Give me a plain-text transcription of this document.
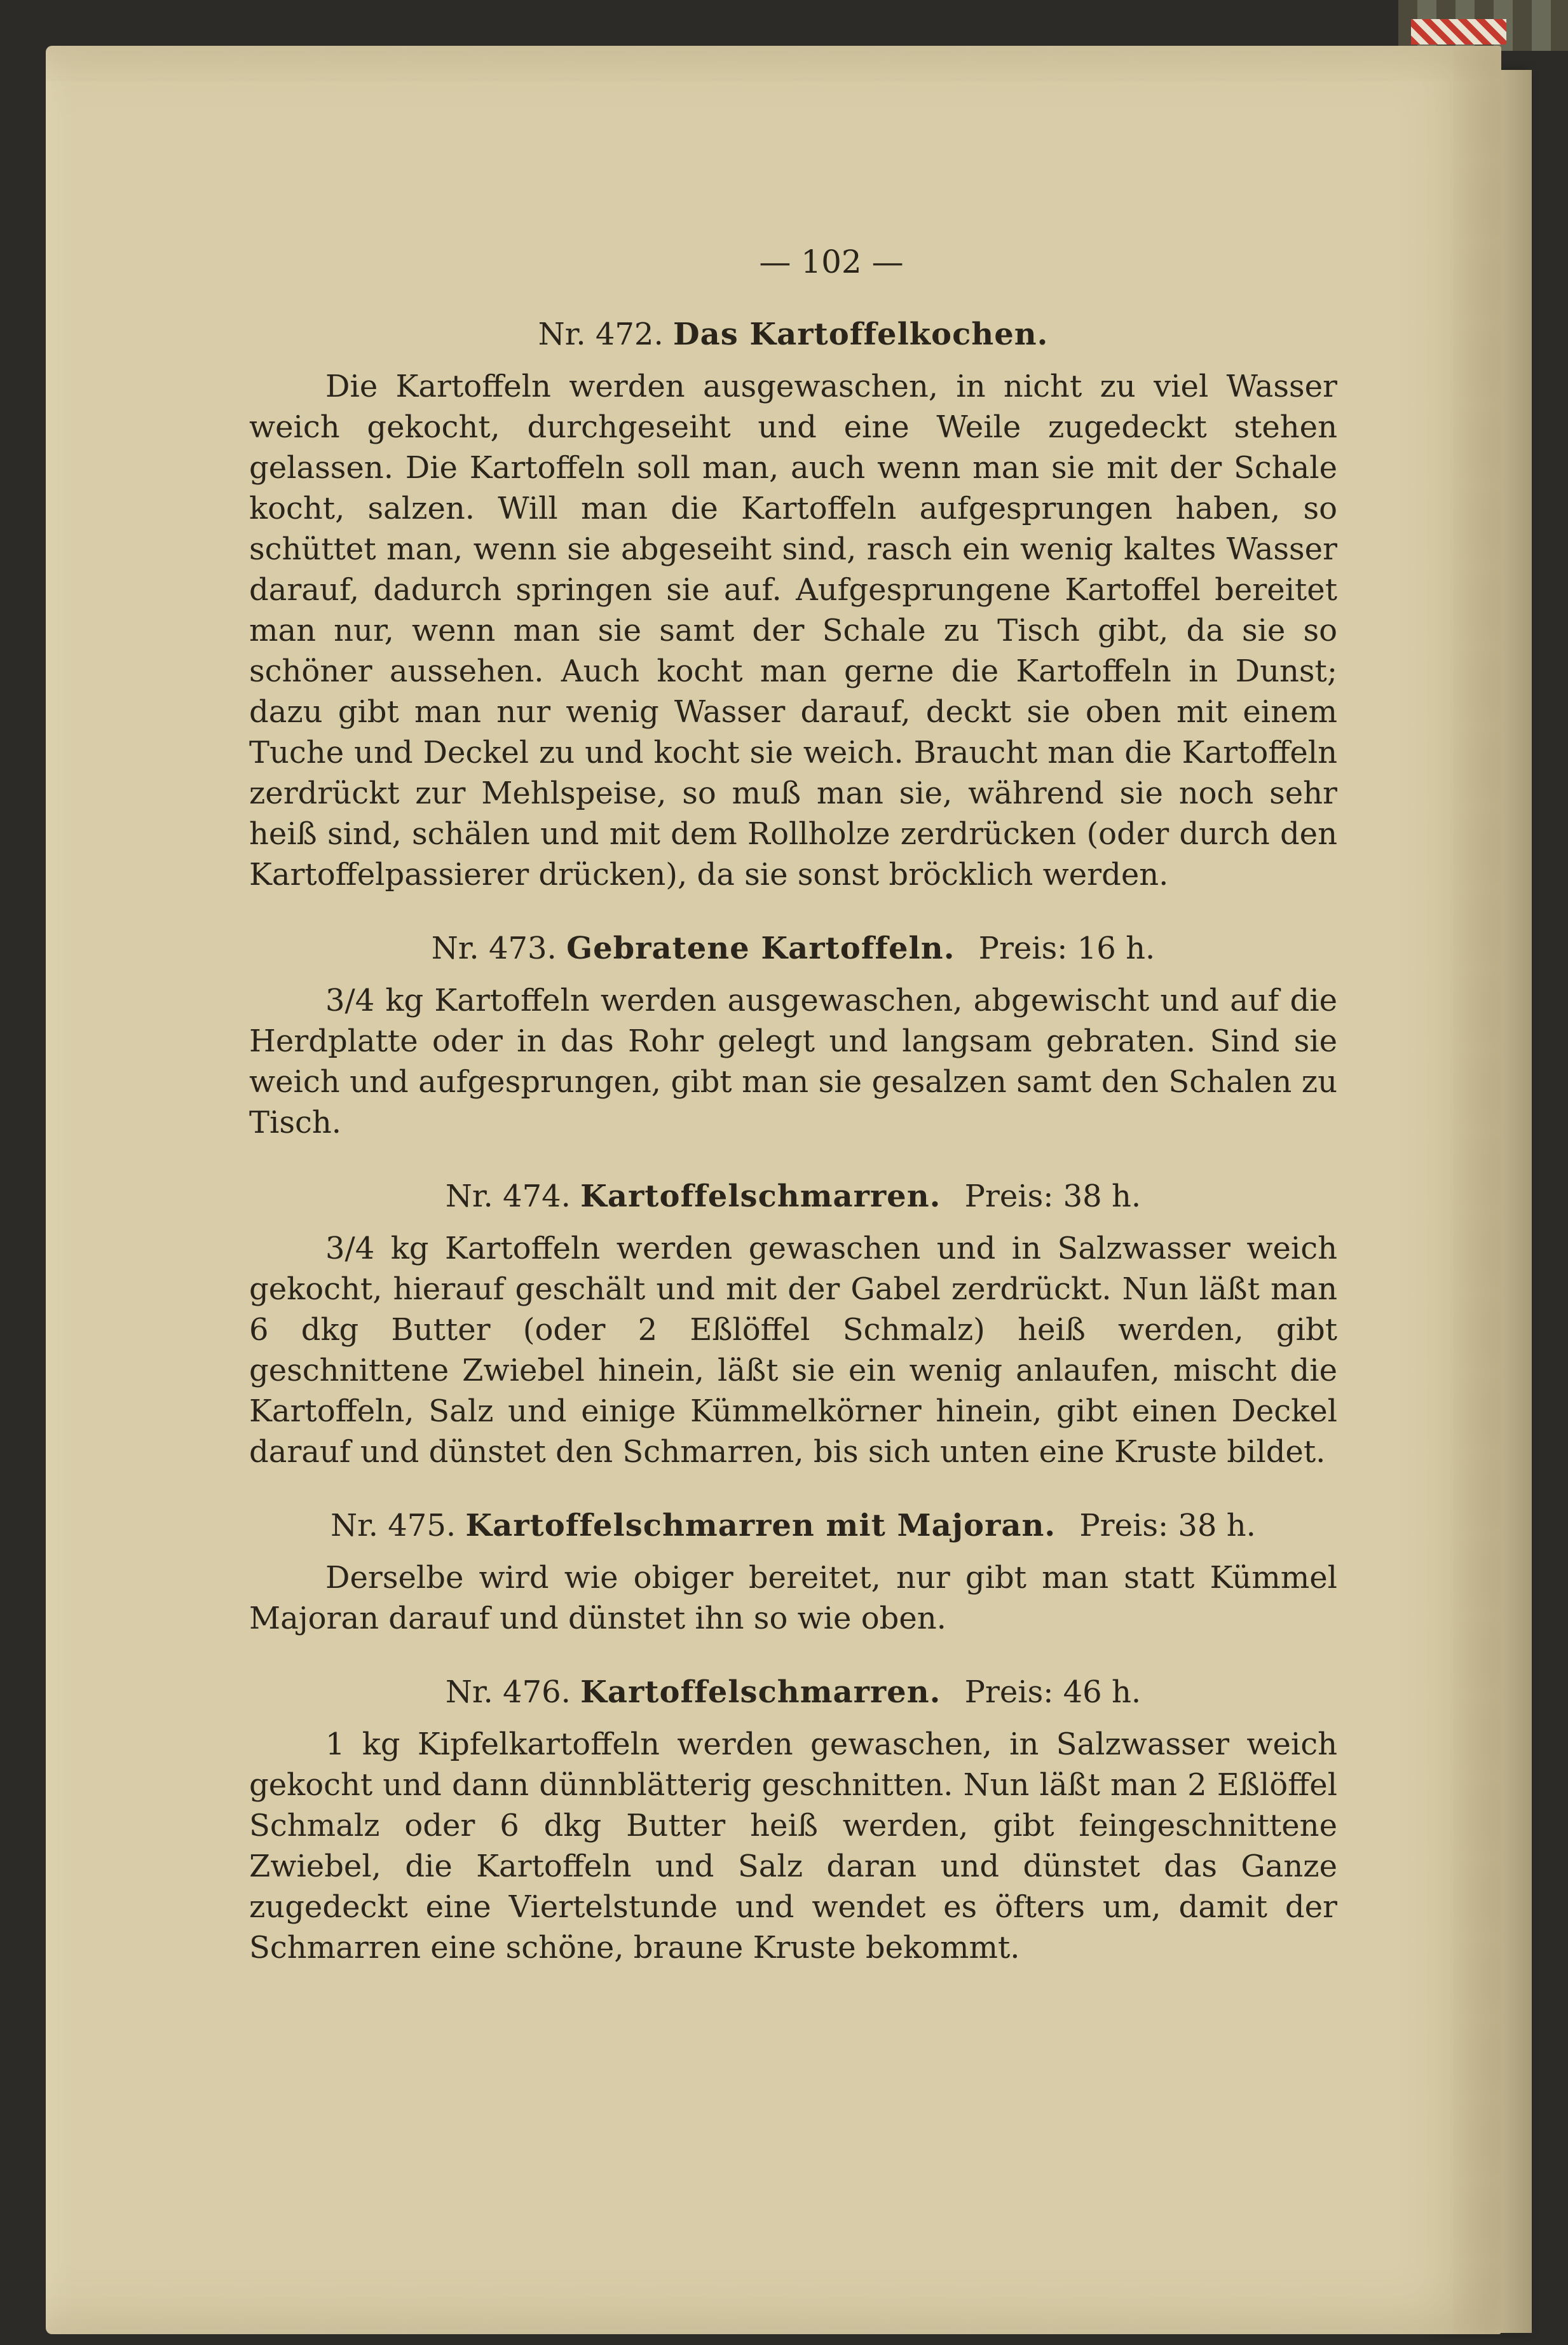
— 102 —
Nr. 472. Das Kartoffelkochen.
Die Kartoffeln werden ausgewaschen, in nicht zu viel Wasser weich gekocht, durchgeseiht und eine Weile zugedeckt stehen gelassen. Die Kartoffeln soll man, auch wenn man sie mit der Schale kocht, salzen. Will man die Kartoffeln aufgesprungen haben, so schüttet man, wenn sie abgeseiht sind, rasch ein wenig kaltes Wasser darauf, dadurch springen sie auf. Aufgesprungene Kartoffel bereitet man nur, wenn man sie samt der Schale zu Tisch gibt, da sie so schöner aussehen. Auch kocht man gerne die Kartoffeln in Dunst; dazu gibt man nur wenig Wasser darauf, deckt sie oben mit einem Tuche und Deckel zu und kocht sie weich. Braucht man die Kartoffeln zerdrückt zur Mehlspeise, so muß man sie, während sie noch sehr heiß sind, schälen und mit dem Rollholze zerdrücken (oder durch den Kartoffelpassierer drücken), da sie sonst bröcklich werden.
Nr. 473. Gebratene Kartoffeln. Preis: 16 h.
3/4 kg Kartoffeln werden ausgewaschen, abgewischt und auf die Herdplatte oder in das Rohr gelegt und langsam gebraten. Sind sie weich und aufgesprungen, gibt man sie gesalzen samt den Schalen zu Tisch.
Nr. 474. Kartoffelschmarren. Preis: 38 h.
3/4 kg Kartoffeln werden gewaschen und in Salzwasser weich gekocht, hierauf geschält und mit der Gabel zerdrückt. Nun läßt man 6 dkg Butter (oder 2 Eßlöffel Schmalz) heiß werden, gibt geschnittene Zwiebel hinein, läßt sie ein wenig anlaufen, mischt die Kartoffeln, Salz und einige Kümmelkörner hinein, gibt einen Deckel darauf und dünstet den Schmarren, bis sich unten eine Kruste bildet.
Nr. 475. Kartoffelschmarren mit Majoran. Preis: 38 h.
Derselbe wird wie obiger bereitet, nur gibt man statt Kümmel Majoran darauf und dünstet ihn so wie oben.
Nr. 476. Kartoffelschmarren. Preis: 46 h.
1 kg Kipfelkartoffeln werden gewaschen, in Salzwasser weich gekocht und dann dünnblätterig geschnitten. Nun läßt man 2 Eßlöffel Schmalz oder 6 dkg Butter heiß werden, gibt feingeschnittene Zwiebel, die Kartoffeln und Salz daran und dünstet das Ganze zugedeckt eine Viertelstunde und wendet es öfters um, damit der Schmarren eine schöne, braune Kruste bekommt.
